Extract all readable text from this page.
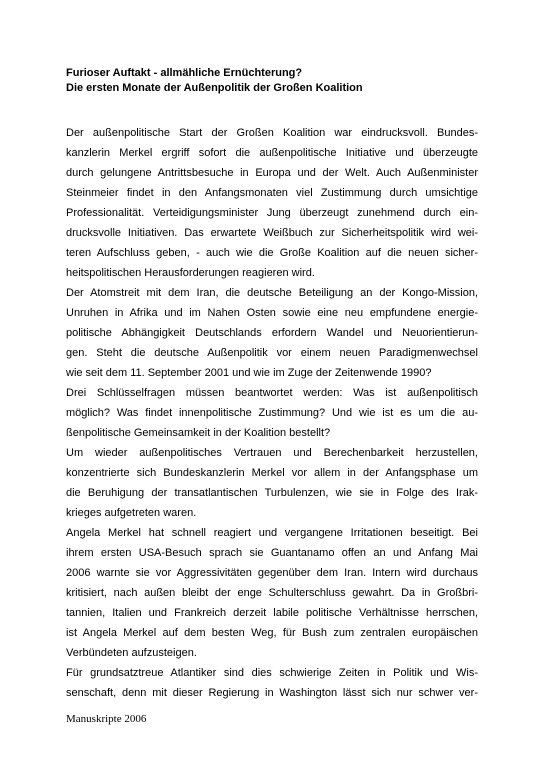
Furioser Auftakt - allmähliche Ernüchterung?

Die ersten Monate der Außenpolitik der Großen Koalition

Der außenpolitische Start der Großen Koalition war eindrucksvoll. Bundes-
kanzlerin Merkel ergriff sofort die außenpolitische Initiative und überzeugte
durch gelungene Antrittsbesuche in Europa und der Welt. Auch Außenminister
Steinmeier findet in den Anfangsmonaten viel Zustimmung durch umsichtige
Professionalität. Verteidigungsminister Jung überzeugt zunehmend durch ein-
drucksvolle Initiativen. Das erwartete Weißbuch zur Sicherheitspolitik wird wei-
teren Aufschluss geben, - auch wie die Große Koalition auf die neuen sicher-
heitspolitischen Herausforderungen reagieren wird.
Der Atomstreit mit dem Iran, die deutsche Beteiligung an der Kongo-Mission,
Unruhen in Afrika und im Nahen Osten sowie eine neu empfundene energie-
politische Abhängigkeit Deutschlands erfordern Wandel und Neuorientierun-
gen. Steht die deutsche Außenpolitik vor einem neuen Paradigmenwechsel
wie seit dem 11. September 2001 und wie im Zuge der Zeitenwende 1990?
Drei Schlüsselfragen müssen beantwortet werden: Was ist außenpolitisch
möglich? Was findet innenpolitische Zustimmung? Und wie ist es um die au-
ßenpolitische Gemeinsamkeit in der Koalition bestellt?
Um wieder außenpolitisches Vertrauen und Berechenbarkeit herzustellen,
konzentrierte sich Bundeskanzlerin Merkel vor allem in der Anfangsphase um
die Beruhigung der transatlantischen Turbulenzen, wie sie in Folge des Irak-
krieges aufgetreten waren.
Angela Merkel hat schnell reagiert und vergangene Irritationen beseitigt. Bei
ihrem ersten USA-Besuch sprach sie Guantanamo offen an und Anfang Mai
2006 warnte sie vor Aggressivitäten gegenüber dem Iran. Intern wird durchaus
kritisiert, nach außen bleibt der enge Schulterschluss gewahrt. Da in Großbri-
tannien, Italien und Frankreich derzeit labile politische Verhältnisse herrschen,
ist Angela Merkel auf dem besten Weg, für Bush zum zentralen europäischen
Verbündeten aufzusteigen.
Für grundsatztreue Atlantiker sind dies schwierige Zeiten in Politik und Wis-
senschaft, denn mit dieser Regierung in Washington lässt sich nur schwer ver-
Manuskripte 2006
